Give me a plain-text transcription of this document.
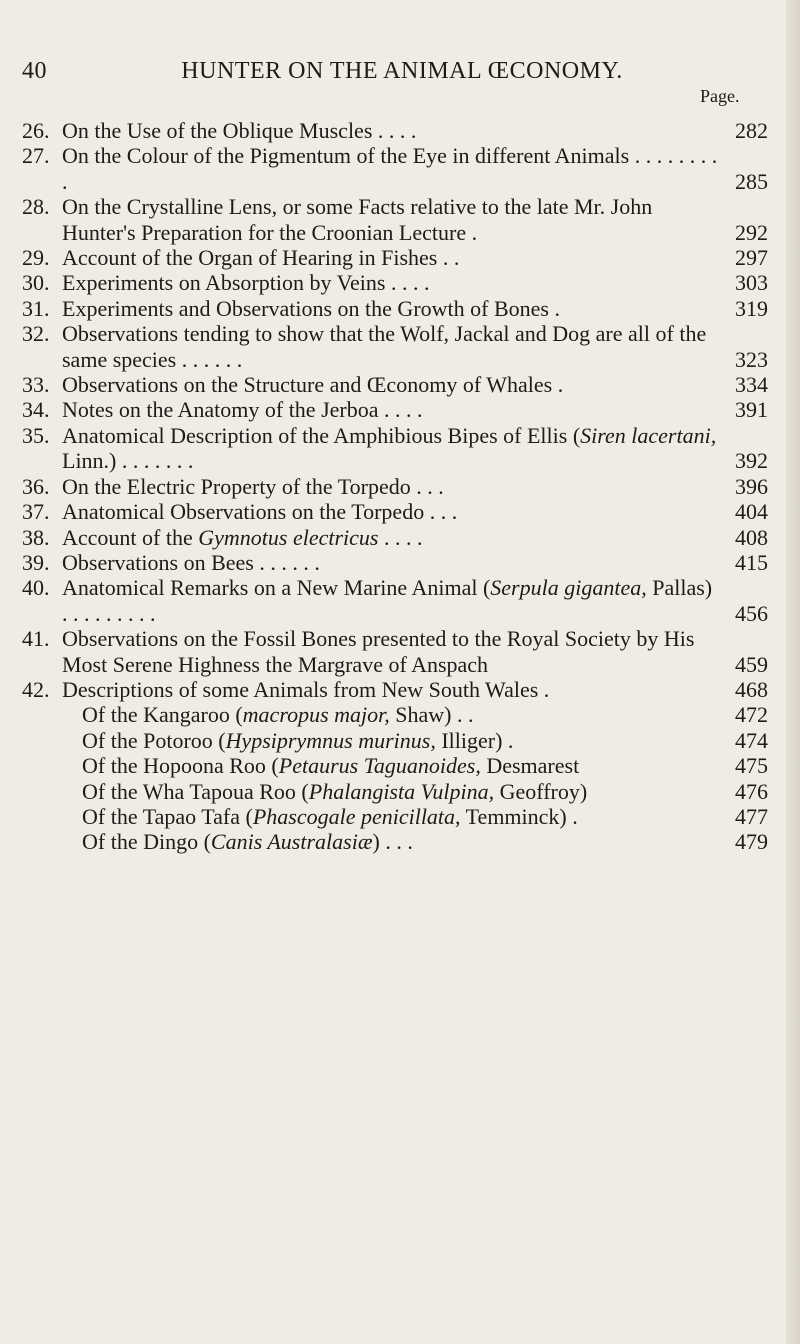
40	HUNTER ON THE ANIMAL ŒCONOMY.
Page.
26. On the Use of the Oblique Muscles . . . .	282
27. On the Colour of the Pigmentum of the Eye in different Animals . . . . . . . . .	285
28. On the Crystalline Lens, or some Facts relative to the late Mr. John Hunter's Preparation for the Croonian Lecture .	292
29. Account of the Organ of Hearing in Fishes . .	297
30. Experiments on Absorption by Veins . . . .	303
31. Experiments and Observations on the Growth of Bones .	319
32. Observations tending to show that the Wolf, Jackal and Dog are all of the same species . . . . . .	323
33. Observations on the Structure and Œconomy of Whales .	334
34. Notes on the Anatomy of the Jerboa . . . .	391
35. Anatomical Description of the Amphibious Bipes of Ellis (Siren lacertani, Linn.) . . . . . . .	392
36. On the Electric Property of the Torpedo . . .	396
37. Anatomical Observations on the Torpedo . . .	404
38. Account of the Gymnotus electricus . . . .	408
39. Observations on Bees . . . . . .	415
40. Anatomical Remarks on a New Marine Animal (Serpula gigantea, Pallas) . . . . . . . . .	456
41. Observations on the Fossil Bones presented to the Royal Society by His Most Serene Highness the Margrave of Anspach	459
42. Descriptions of some Animals from New South Wales .	468
Of the Kangaroo (macropus major, Shaw) . .	472
Of the Potoroo (Hypsiprymnus murinus, Illiger) .	474
Of the Hopoona Roo (Petaurus Taguanoides, Desmarest	475
Of the Wha Tapoua Roo (Phalangista Vulpina, Geoffroy)	476
Of the Tapao Tafa (Phascogale penicillata, Temminck) .	477
Of the Dingo (Canis Australasiæ) . . .	479
